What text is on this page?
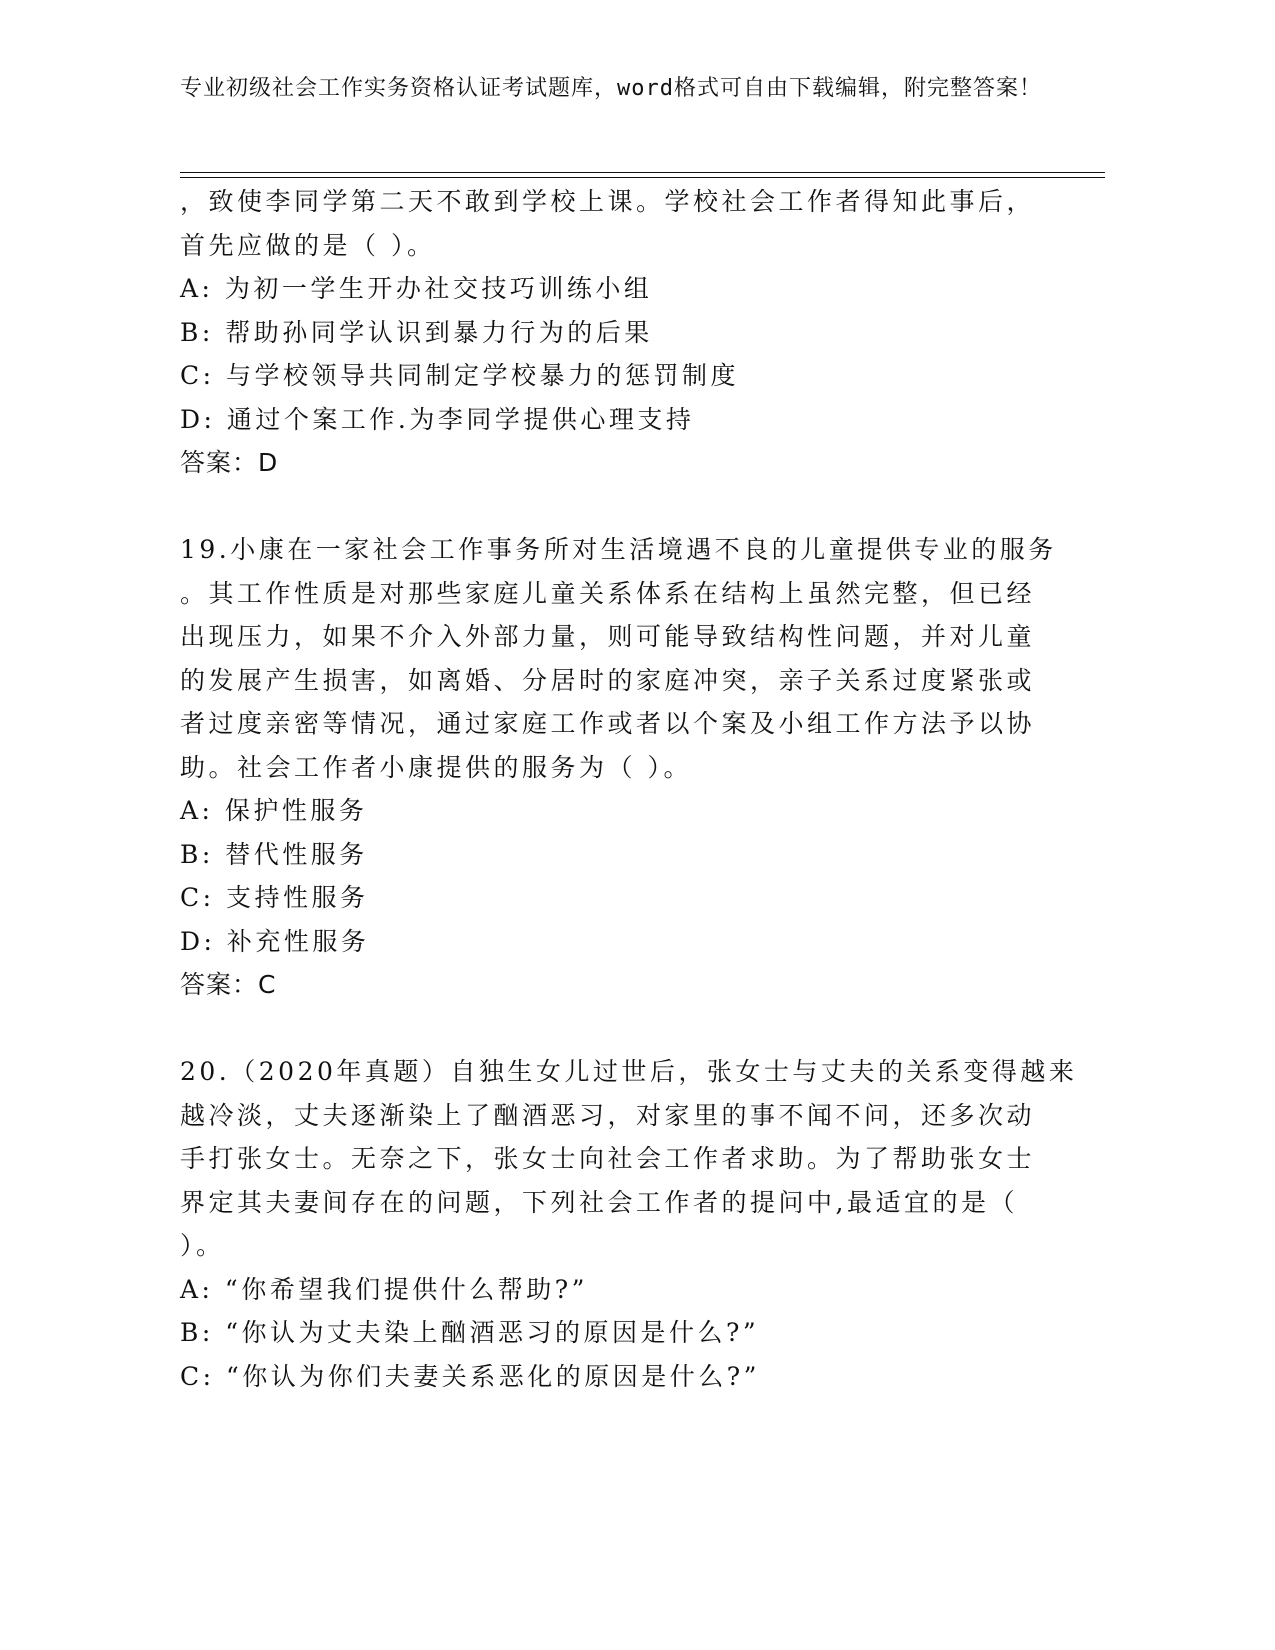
专业初级社会工作实务资格认证考试题库，word格式可自由下载编辑，附完整答案！
，致使李同学第二天不敢到学校上课。学校社会工作者得知此事后，
首先应做的是（ ）。
A: 为初一学生开办社交技巧训练小组
B: 帮助孙同学认识到暴力行为的后果
C: 与学校领导共同制定学校暴力的惩罚制度
D: 通过个案工作.为李同学提供心理支持
答案：D
19.小康在一家社会工作事务所对生活境遇不良的儿童提供专业的服务
。其工作性质是对那些家庭儿童关系体系在结构上虽然完整，但已经
出现压力，如果不介入外部力量，则可能导致结构性问题，并对儿童
的发展产生损害，如离婚、分居时的家庭冲突，亲子关系过度紧张或
者过度亲密等情况，通过家庭工作或者以个案及小组工作方法予以协
助。社会工作者小康提供的服务为（ ）。
A: 保护性服务
B: 替代性服务
C: 支持性服务
D: 补充性服务
答案：C
20.（2020年真题）自独生女儿过世后，张女士与丈夫的关系变得越来
越冷淡，丈夫逐渐染上了酗酒恶习，对家里的事不闻不问，还多次动
手打张女士。无奈之下，张女士向社会工作者求助。为了帮助张女士
界定其夫妻间存在的问题，下列社会工作者的提问中,最适宜的是（
）。
A: “你希望我们提供什么帮助?”
B: “你认为丈夫染上酗酒恶习的原因是什么?”
C: “你认为你们夫妻关系恶化的原因是什么?”
